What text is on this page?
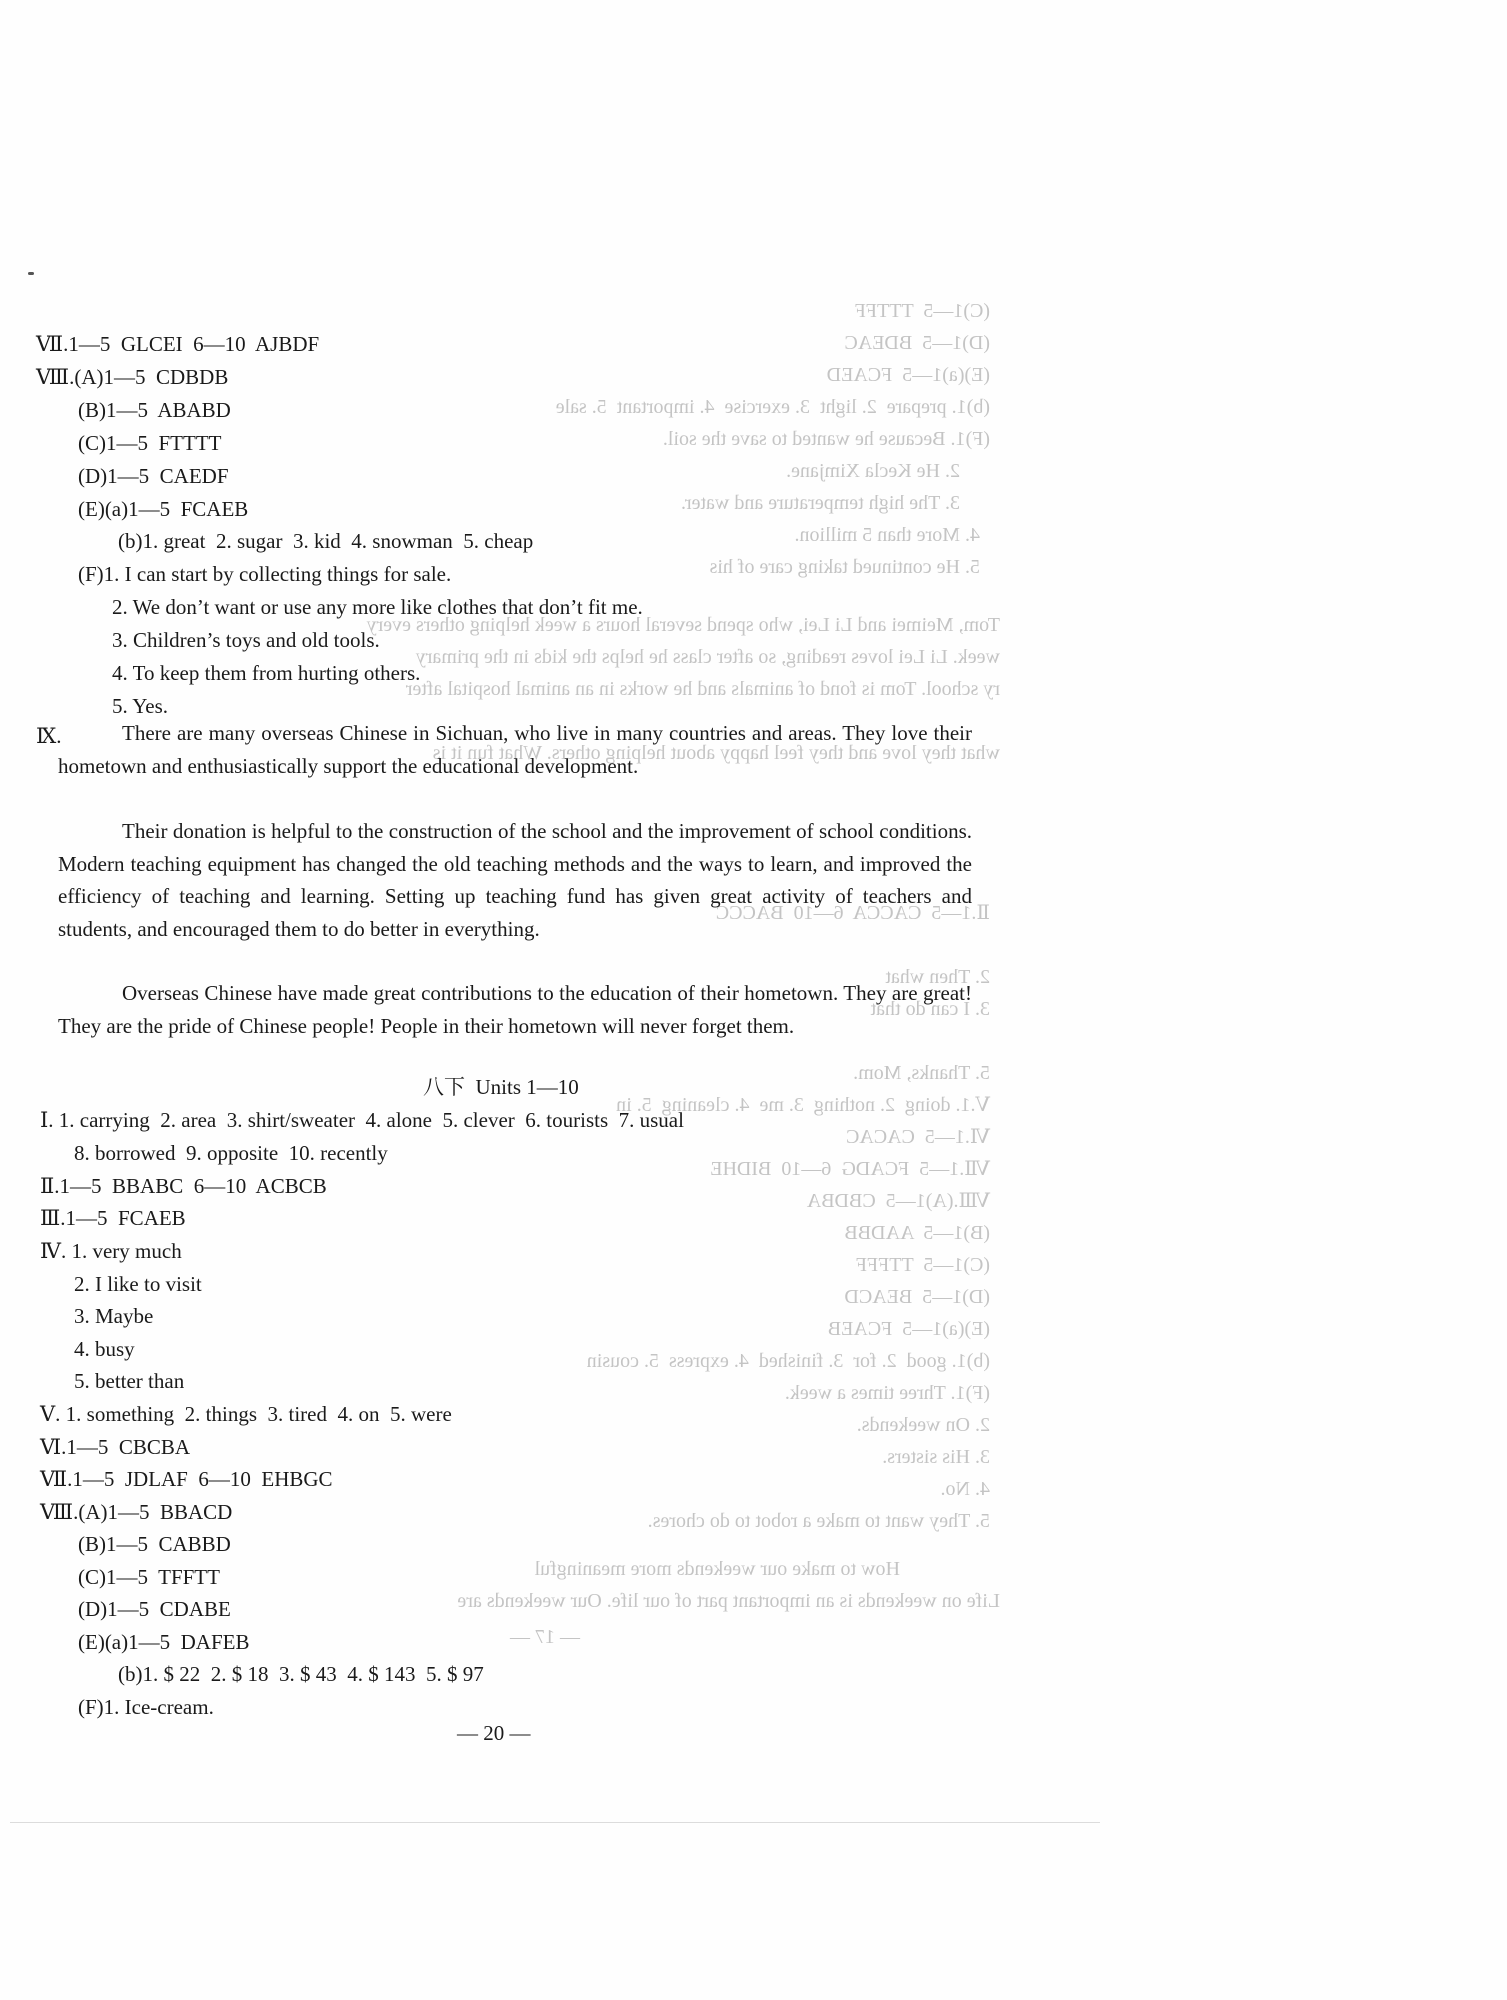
(C)1—5  TTTFF
(D)1—5  BDEAC
(E)(a)1—5  FCAED
(b)1. prepare  2. light  3. exercise  4. important  5. sale
(F)1. Because he wanted to save the soil.
2. He Kecla Ximjane.
3. The high temperature and water.
4. More than 5 million.
5. He continued taking care of his
Tom, Meimei and Li Lei, who spend several hours a week helping others every
week. Li Lei loves reading, so after class he helps the kids in the primary
ry school. Tom is fond of animals and he works in an animal hospital after
what they love and they feel happy about helping others. What fun it is
Ⅱ.1—5  CACCA  6—10  BACCC
2. Then what
3. I can do that
5. Thanks, Mom.
Ⅴ.1. doing  2. nothing  3. me  4. cleaning  5. in
Ⅵ.1—5  CACAC
Ⅶ.1—5  FCADG  6—10  BIDHE
Ⅷ.(A)1—5  CBDBA
(B)1—5  AADBB
(C)1—5  TTFFF
(D)1—5  BEACD
(E)(a)1—5  FCAEB
(b)1. good  2. for  3. finished  4. express  5. cousin
(F)1. Three times a week.
2. On weekends.
3. His sisters.
4. No.
5. They want to make a robot to do chores.
How to make our weekends more meaningful
Life on weekends is an important part of our life. Our weekends are
— 17 —
Ⅶ.1—5  GLCEI  6—10  AJBDF
Ⅷ.(A)1—5  CDBDB
(B)1—5  ABABD
(C)1—5  FTTTT
(D)1—5  CAEDF
(E)(a)1—5  FCAEB
(b)1. great  2. sugar  3. kid  4. snowman  5. cheap
(F)1. I can start by collecting things for sale.
2. We don’t want or use any more like clothes that don’t fit me.
3. Children’s toys and old tools.
4. To keep them from hurting others.
5. Yes.
Ⅸ.	There are many overseas Chinese in Sichuan, who live in many countries and areas. They love their hometown and enthusiastically support the educational development.

Their donation is helpful to the construction of the school and the improvement of school conditions. Modern teaching equipment has changed the old teaching methods and the ways to learn, and improved the efficiency of teaching and learning. Setting up teaching fund has given great activity of teachers and students, and encouraged them to do better in everything.

Overseas Chinese have made great contributions to the education of their hometown. They are great! They are the pride of Chinese people! People in their hometown will never forget them.

八下  Units 1—10
Ⅰ. 1. carrying  2. area  3. shirt/sweater  4. alone  5. clever  6. tourists  7. usual
8. borrowed  9. opposite  10. recently
Ⅱ.1—5  BBABC  6—10  ACBCB
Ⅲ.1—5  FCAEB
Ⅳ. 1. very much
2. I like to visit
3. Maybe
4. busy
5. better than
Ⅴ. 1. something  2. things  3. tired  4. on  5. were
Ⅵ.1—5  CBCBA
Ⅶ.1—5  JDLAF  6—10  EHBGC
Ⅷ.(A)1—5  BBACD
(B)1—5  CABBD
(C)1—5  TFFTT
(D)1—5  CDABE
(E)(a)1—5  DAFEB
(b)1. $ 22  2. $ 18  3. $ 43  4. $ 143  5. $ 97
(F)1. Ice-cream.
— 20 —
